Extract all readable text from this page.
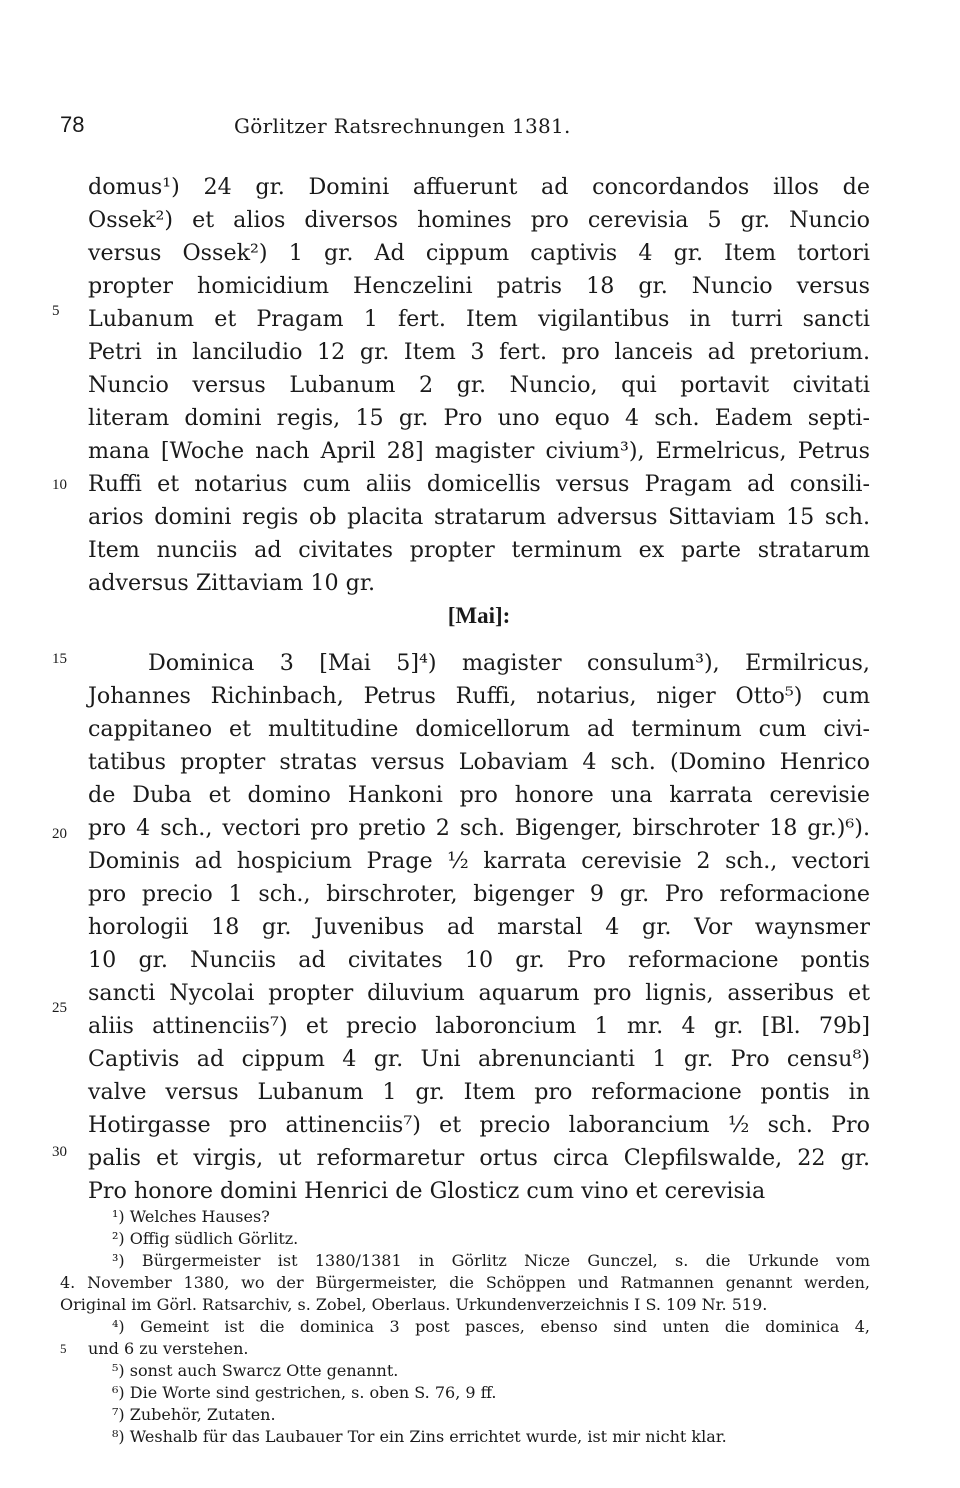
78	Görlitzer Ratsrechnungen 1381.
5
10
15
20
25
30
domus¹) 24 gr. Domini affuerunt ad concordandos illos de
Ossek²) et alios diversos homines pro cerevisia 5 gr. Nuncio
versus Ossek²) 1 gr. Ad cippum captivis 4 gr. Item tortori
propter homicidium Henczelini patris 18 gr. Nuncio versus
Lubanum et Pragam 1 fert. Item vigilantibus in turri sancti
Petri in lanciludio 12 gr. Item 3 fert. pro lanceis ad pretorium.
Nuncio versus Lubanum 2 gr. Nuncio, qui portavit civitati
literam domini regis, 15 gr. Pro uno equo 4 sch. Eadem septi-
mana [Woche nach April 28] magister civium³), Ermelricus, Petrus
Ruffi et notarius cum aliis domicellis versus Pragam ad consili-
arios domini regis ob placita stratarum adversus Sittaviam 15 sch.
Item nunciis ad civitates propter terminum ex parte stratarum
adversus Zittaviam 10 gr.
[Mai]:
Dominica 3 [Mai 5]⁴) magister consulum³), Ermilricus,
Johannes Richinbach, Petrus Ruffi, notarius, niger Otto⁵) cum
cappitaneo et multitudine domicellorum ad terminum cum civi-
tatibus propter stratas versus Lobaviam 4 sch. (Domino Henrico
de Duba et domino Hankoni pro honore una karrata cerevisie
pro 4 sch., vectori pro pretio 2 sch. Bigenger, birschroter 18 gr.)⁶).
Dominis ad hospicium Prage ½ karrata cerevisie 2 sch., vectori
pro precio 1 sch., birschroter, bigenger 9 gr. Pro reformacione
horologii 18 gr. Juvenibus ad marstal 4 gr. Vor waynsmer
10 gr. Nunciis ad civitates 10 gr. Pro reformacione pontis
sancti Nycolai propter diluvium aquarum pro lignis, asseribus et
aliis attinenciis⁷) et precio laboroncium 1 mr. 4 gr. [Bl. 79b]
Captivis ad cippum 4 gr. Uni abrenuncianti 1 gr. Pro censu⁸)
valve versus Lubanum 1 gr. Item pro reformacione pontis in
Hotirgasse pro attinenciis⁷) et precio laborancium ½ sch. Pro
palis et virgis, ut reformaretur ortus circa Clepfilswalde, 22 gr.
Pro honore domini Henrici de Glosticz cum vino et cerevisia
¹) Welches Hauses?
²) Offig südlich Görlitz.
³) Bürgermeister ist 1380/1381 in Görlitz Nicze Gunczel, s. die Urkunde vom
4. November 1380, wo der Bürgermeister, die Schöppen und Ratmannen genannt werden,
Original im Görl. Ratsarchiv, s. Zobel, Oberlaus. Urkundenverzeichnis I S. 109 Nr. 519.
⁴) Gemeint ist die dominica 3 post pasces, ebenso sind unten die dominica 4,
5	und 6 zu verstehen.
⁵) sonst auch Swarcz Otte genannt.
⁶) Die Worte sind gestrichen, s. oben S. 76, 9 ff.
⁷) Zubehör, Zutaten.
⁸) Weshalb für das Laubauer Tor ein Zins errichtet wurde, ist mir nicht klar.
